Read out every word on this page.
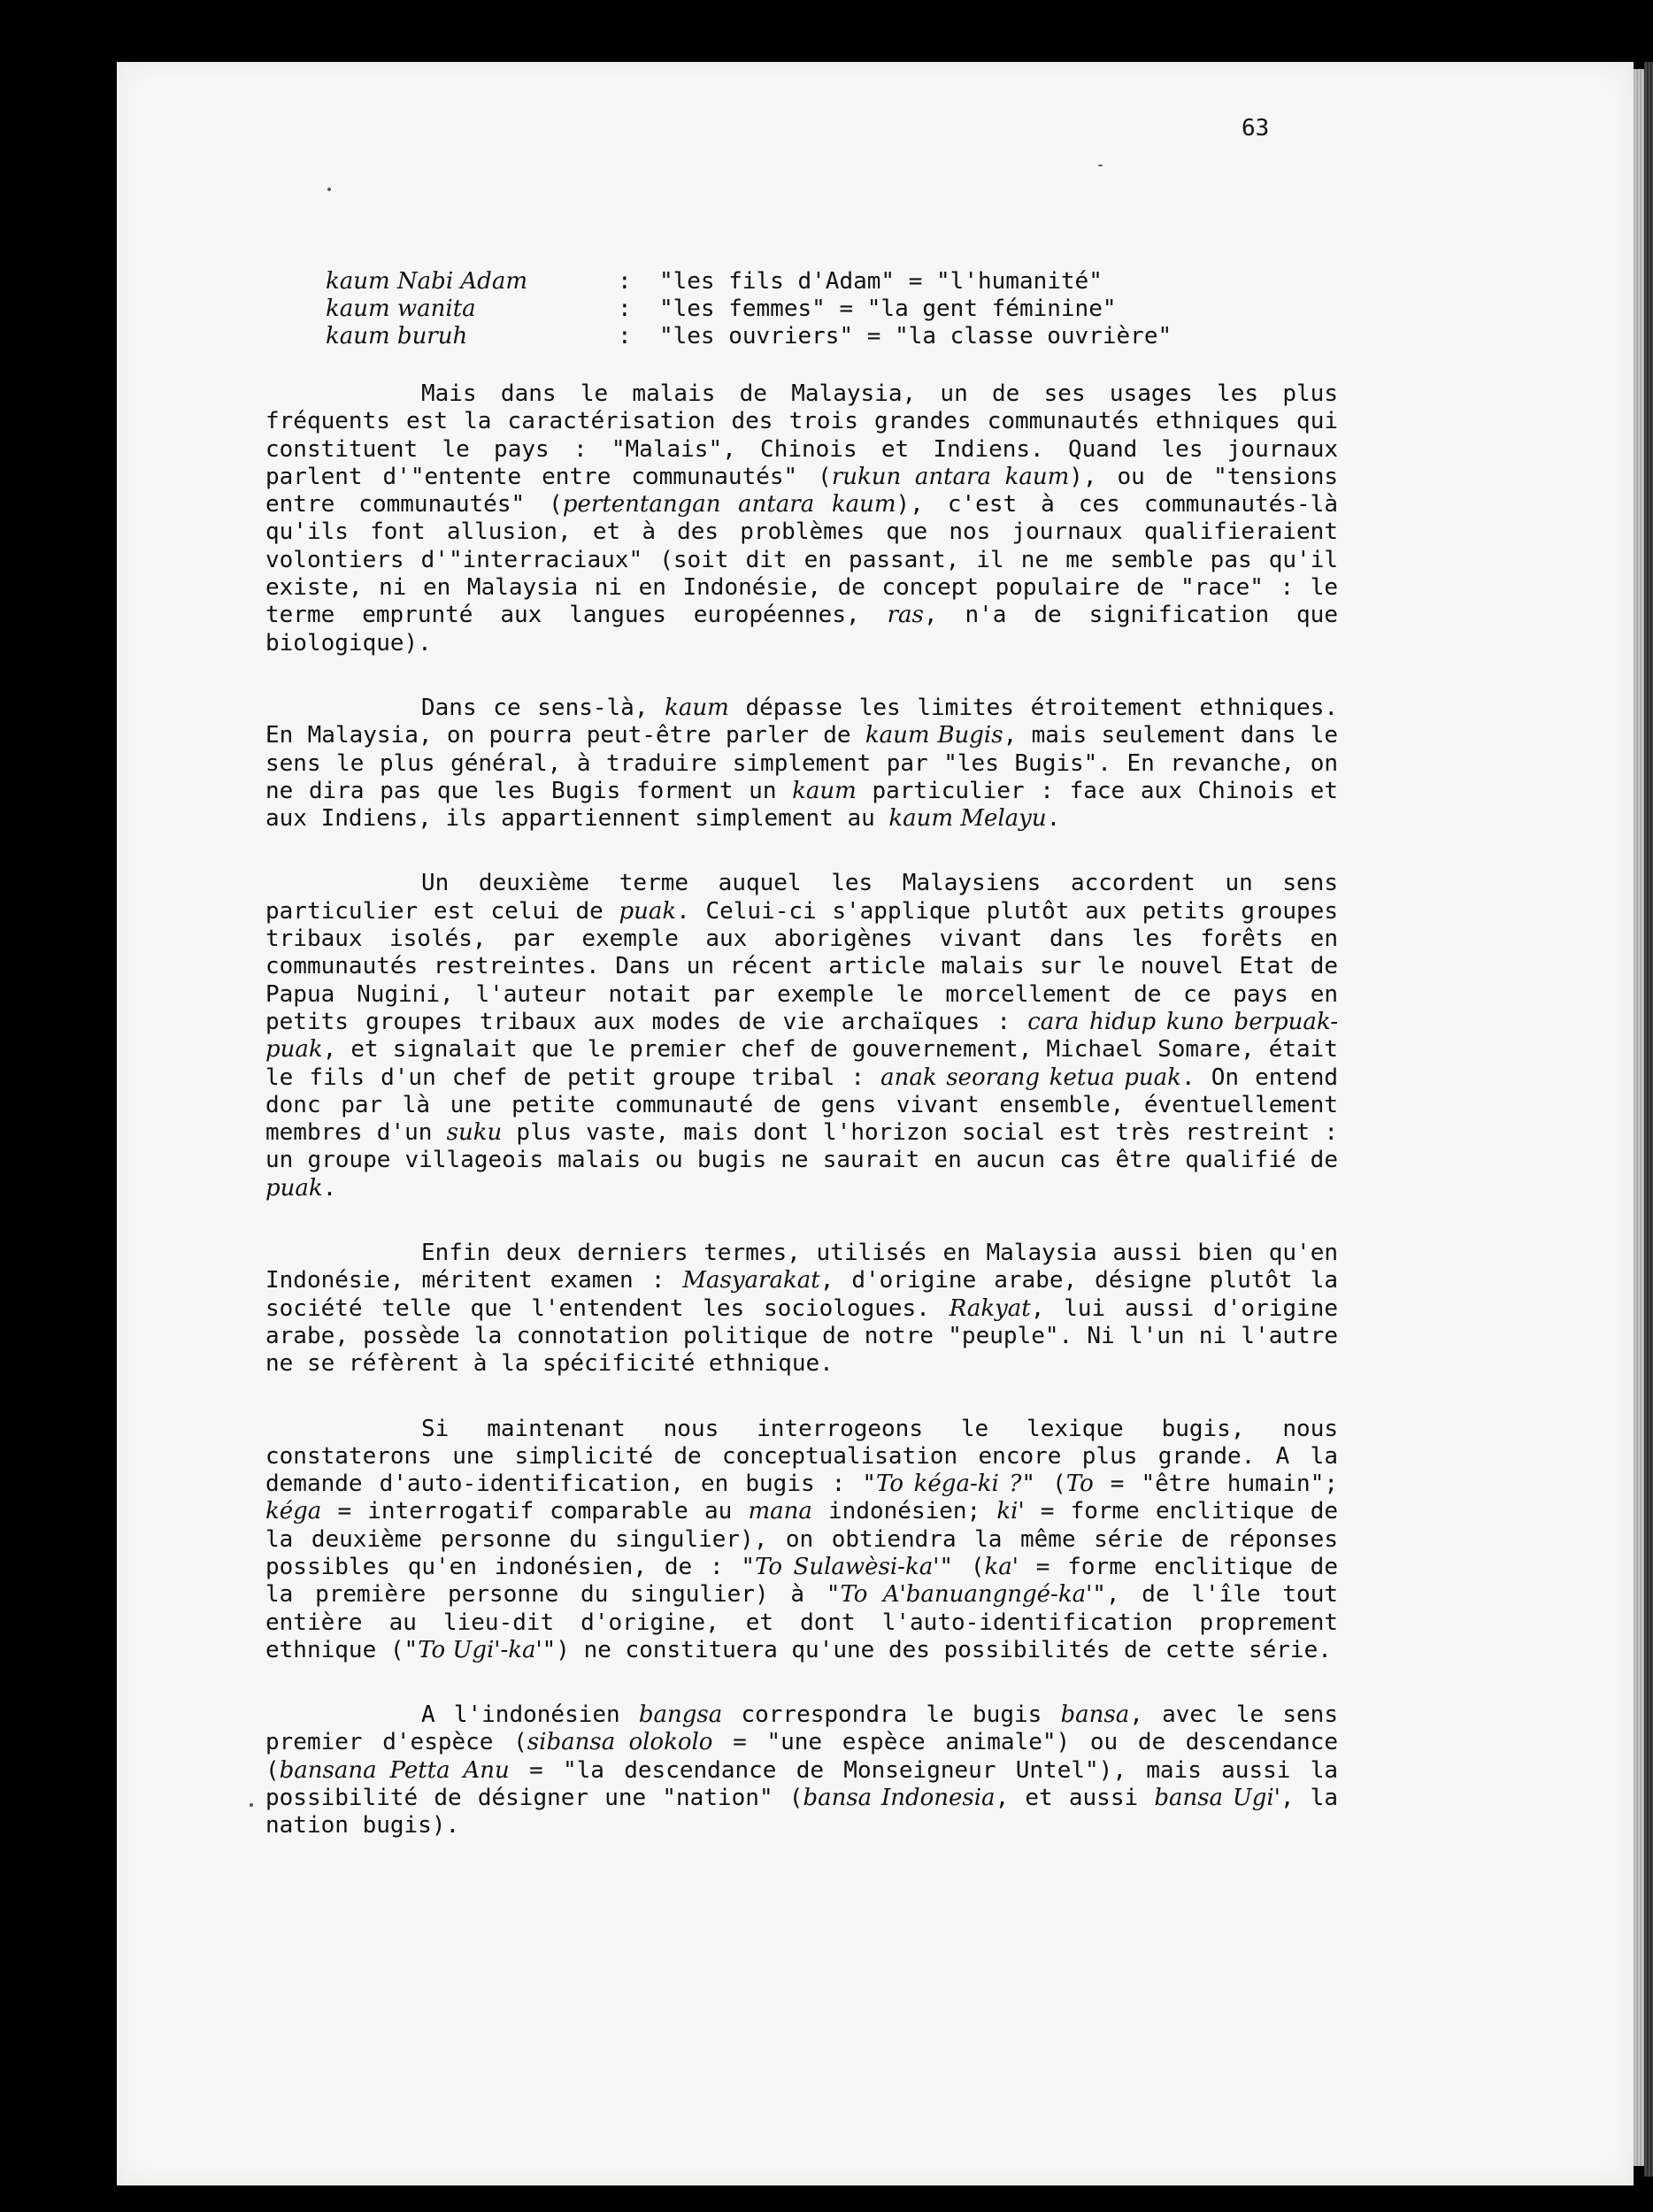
63

kaum Nabi Adam	:  "les fils d'Adam" = "l'humanité"

kaum wanita	:  "les femmes" = "la gent féminine"

kaum buruh	:  "les ouvriers" = "la classe ouvrière"

Mais dans le malais de Malaysia, un de ses usages les plus fréquents est la caractérisation des trois grandes communautés ethniques qui constituent le pays : "Malais", Chinois et Indiens. Quand les journaux parlent d'"entente entre communautés" (rukun antara kaum), ou de "tensions entre communautés" (pertentangan antara kaum), c'est à ces communautés-là qu'ils font allusion, et à des problèmes que nos journaux qualifieraient volontiers d'"interraciaux" (soit dit en passant, il ne me semble pas qu'il existe, ni en Malaysia ni en Indonésie, de concept populaire de "race" : le terme emprunté aux langues européennes, ras, n'a de signification que biologique).

Dans ce sens-là, kaum dépasse les limites étroitement ethniques. En Malaysia, on pourra peut-être parler de kaum Bugis, mais seulement dans le sens le plus général, à traduire simplement par "les Bugis". En revanche, on ne dira pas que les Bugis forment un kaum particulier : face aux Chinois et aux Indiens, ils appartiennent simplement au kaum Melayu.

Un deuxième terme auquel les Malaysiens accordent un sens particulier est celui de puak. Celui-ci s'applique plutôt aux petits groupes tribaux isolés, par exemple aux aborigènes vivant dans les forêts en communautés restreintes. Dans un récent article malais sur le nouvel Etat de Papua Nugini, l'auteur notait par exemple le morcellement de ce pays en petits groupes tribaux aux modes de vie archaïques : cara hidup kuno berpuak-puak, et signalait que le premier chef de gouvernement, Michael Somare, était le fils d'un chef de petit groupe tribal : anak seorang ketua puak. On entend donc par là une petite communauté de gens vivant ensemble, éventuellement membres d'un suku plus vaste, mais dont l'horizon social est très restreint : un groupe villageois malais ou bugis ne saurait en aucun cas être qualifié de puak.

Enfin deux derniers termes, utilisés en Malaysia aussi bien qu'en Indonésie, méritent examen : Masyarakat, d'origine arabe, désigne plutôt la société telle que l'entendent les sociologues. Rakyat, lui aussi d'origine arabe, possède la connotation politique de notre "peuple". Ni l'un ni l'autre ne se réfèrent à la spécificité ethnique.

Si maintenant nous interrogeons le lexique bugis, nous constaterons une simplicité de conceptualisation encore plus grande. A la demande d'auto-identification, en bugis : "To kéga-ki ?" (To = "être humain"; kéga = interrogatif comparable au mana indonésien; ki' = forme enclitique de la deuxième personne du singulier), on obtiendra la même série de réponses possibles qu'en indonésien, de : "To Sulawèsi-ka'" (ka' = forme enclitique de la première personne du singulier) à "To A'banuangngé-ka'", de l'île tout entière au lieu-dit d'origine, et dont l'auto-identification proprement ethnique ("To Ugi'-ka'") ne constituera qu'une des possibilités de cette série.

A l'indonésien bangsa correspondra le bugis bansa, avec le sens premier d'espèce (sibansa olokolo = "une espèce animale") ou de descendance (bansana Petta Anu = "la descendance de Monseigneur Untel"), mais aussi la possibilité de désigner une "nation" (bansa Indonesia, et aussi bansa Ugi', la nation bugis).
